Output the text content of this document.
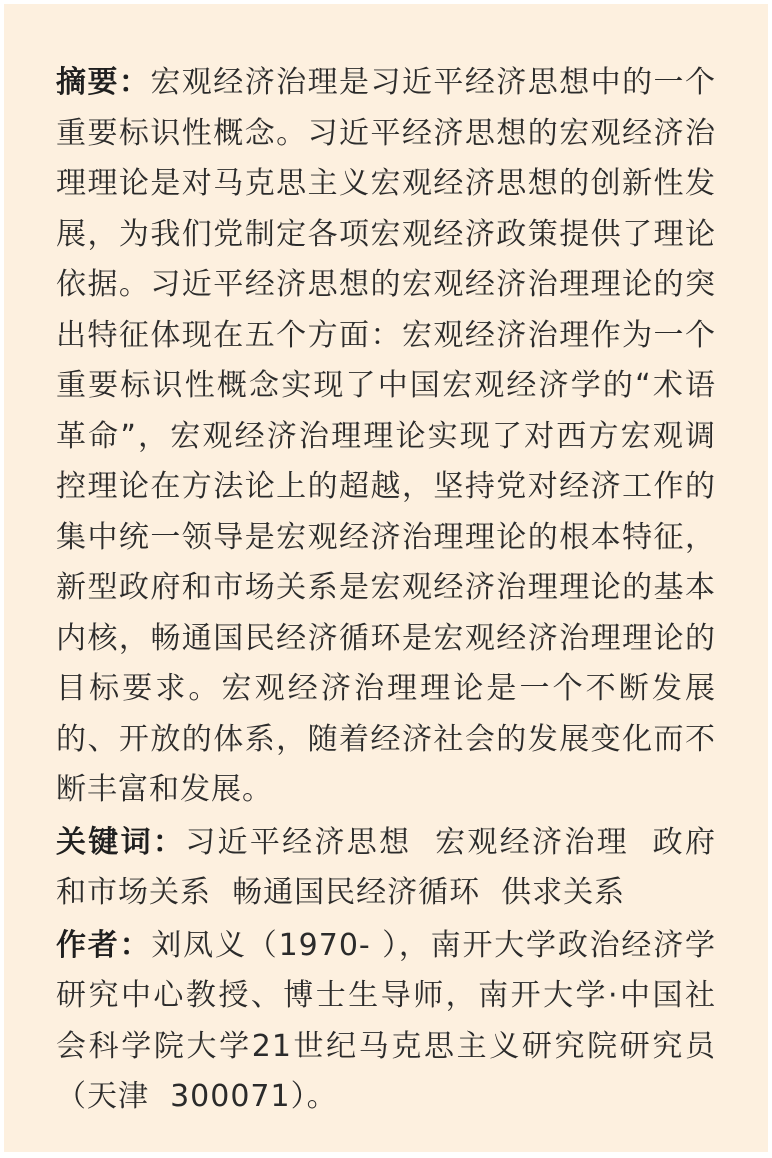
摘要：宏观经济治理是习近平经济思想中的一个重要标识性概念。习近平经济思想的宏观经济治理理论是对马克思主义宏观经济思想的创新性发展，为我们党制定各项宏观经济政策提供了理论依据。习近平经济思想的宏观经济治理理论的突出特征体现在五个方面：宏观经济治理作为一个重要标识性概念实现了中国宏观经济学的“术语革命”，宏观经济治理理论实现了对西方宏观调控理论在方法论上的超越，坚持党对经济工作的集中统一领导是宏观经济治理理论的根本特征，新型政府和市场关系是宏观经济治理理论的基本内核，畅通国民经济循环是宏观经济治理理论的目标要求。宏观经济治理理论是一个不断发展的、开放的体系，随着经济社会的发展变化而不断丰富和发展。

关键词：习近平经济思想  宏观经济治理  政府和市场关系  畅通国民经济循环  供求关系

作者：刘凤义（1970- ），南开大学政治经济学研究中心教授、博士生导师，南开大学·中国社会科学院大学21世纪马克思主义研究院研究员（天津  300071）。
